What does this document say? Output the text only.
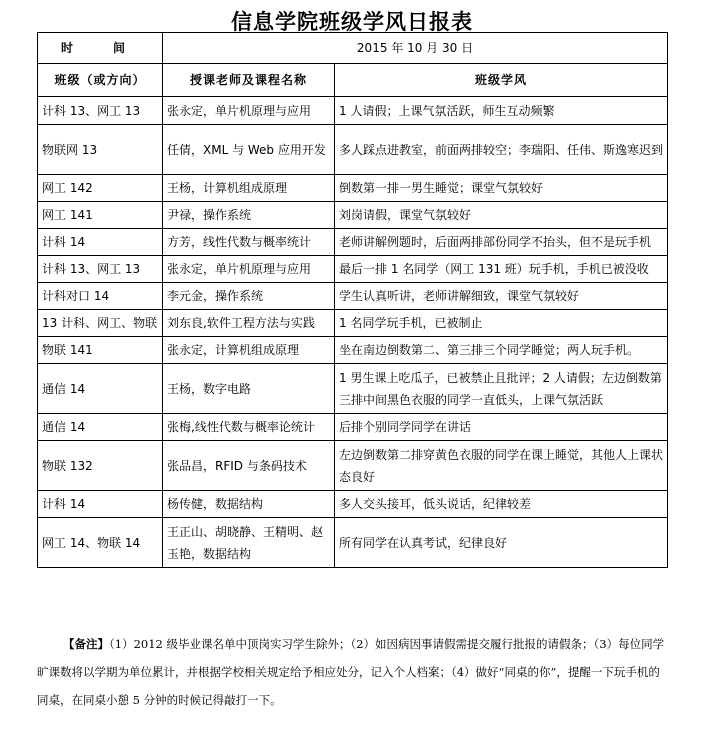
信息学院班级学风日报表
时　间	2015 年 10 月 30 日	
班级（或方向）	授课老师及课程名称	班级学风
计科 13、网工 13	张永定，单片机原理与应用	1 人请假；上课气氛活跃，师生互动频繁
物联网 13	任倩，XML 与 Web 应用开发	多人踩点进教室，前面两排较空；李瑞阳、任伟、斯逸寒迟到
网工 142	王杨，计算机组成原理	倒数第一排一男生睡觉；课堂气氛较好
网工 141	尹禄，操作系统	刘岗请假，课堂气氛较好
计科 14	方芳，线性代数与概率统计	老师讲解例题时，后面两排部份同学不抬头，但不是玩手机
计科 13、网工 13	张永定，单片机原理与应用	最后一排 1 名同学（网工 131 班）玩手机，手机已被没收
计科对口 14	李元金，操作系统	学生认真听讲，老师讲解细致，课堂气氛较好
13 计科、网工、物联	刘东良,软件工程方法与实践	1 名同学玩手机，已被制止
物联 141	张永定，计算机组成原理	坐在南边倒数第二、第三排三个同学睡觉；两人玩手机。
通信 14	王杨，数字电路	1 男生课上吃瓜子，已被禁止且批评；2 人请假；左边倒数第三排中间黑色衣服的同学一直低头，上课气氛活跃
通信 14	张梅,线性代数与概率论统计	后排个别同学同学在讲话
物联 132	张品昌，RFID 与条码技术	左边倒数第二排穿黄色衣服的同学在课上睡觉，其他人上课状态良好
计科 14	杨传健，数据结构	多人交头接耳，低头说话，纪律较差
网工 14、物联 14	王正山、胡晓静、王精明、赵玉艳，数据结构	所有同学在认真考试，纪律良好
【备注】（1）2012 级毕业课名单中顶岗实习学生除外；（2）如因病因事请假需提交履行批报的请假条；（3）每位同学旷课数将以学期为单位累计，并根据学校相关规定给予相应处分，记入个人档案；（4）做好“同桌的你”，提醒一下玩手机的同桌，在同桌小憩 5 分钟的时候记得敲打一下。
